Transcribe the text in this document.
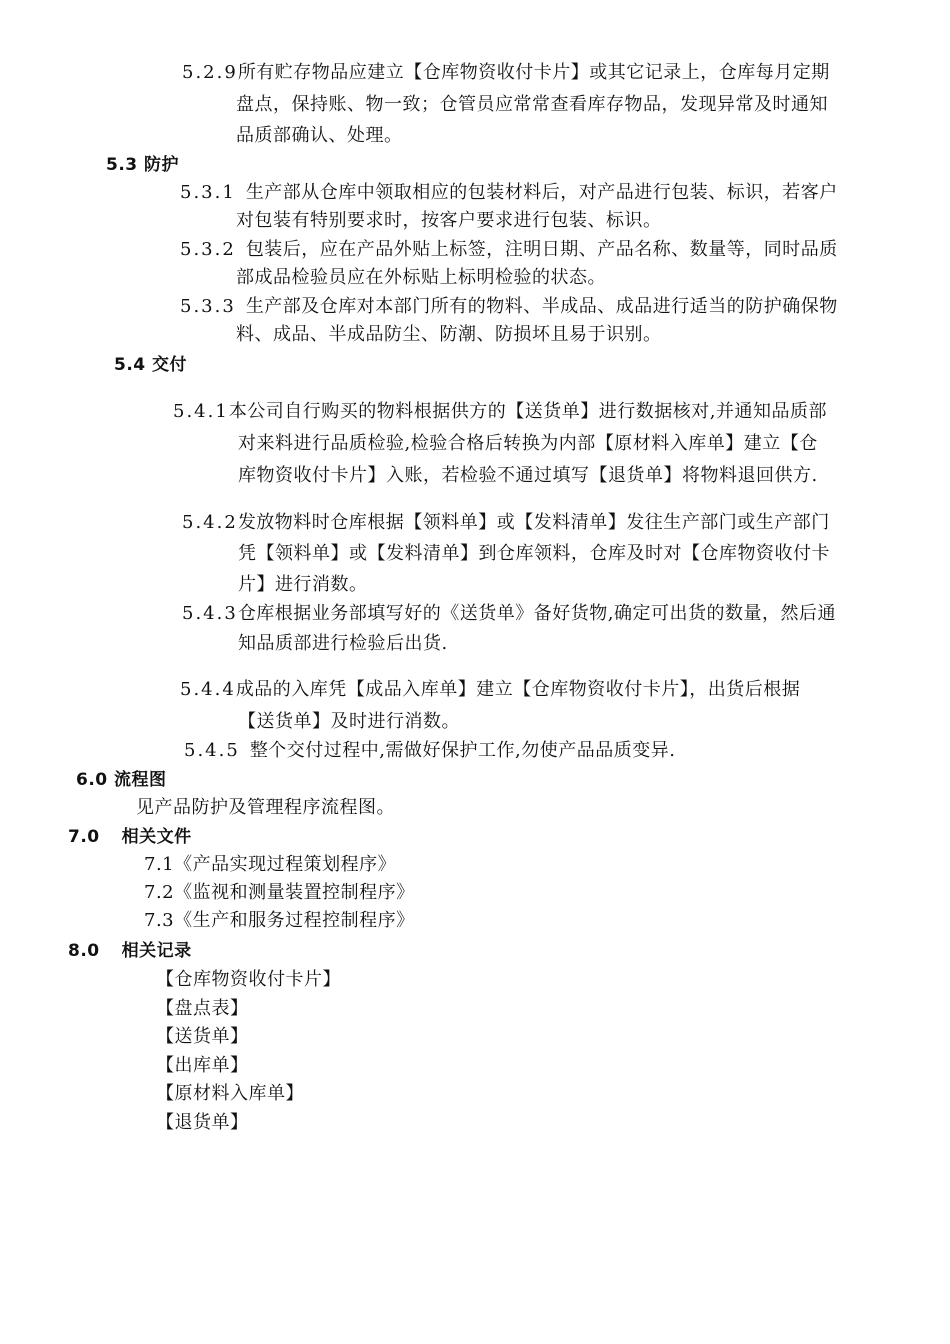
5.2.9所有贮存物品应建立【仓库物资收付卡片】或其它记录上，仓库每月定期
盘点，保持账、物一致；仓管员应常常查看库存物品，发现异常及时通知
品质部确认、处理。
5.3 防护
5.3.1 生产部从仓库中领取相应的包装材料后，对产品进行包装、标识，若客户
对包装有特别要求时，按客户要求进行包装、标识。
5.3.2 包装后，应在产品外贴上标签，注明日期、产品名称、数量等，同时品质
部成品检验员应在外标贴上标明检验的状态。
5.3.3 生产部及仓库对本部门所有的物料、半成品、成品进行适当的防护确保物
料、成品、半成品防尘、防潮、防损坏且易于识别。
5.4 交付
5.4.1本公司自行购买的物料根据供方的【送货单】进行数据核对,并通知品质部
对来料进行品质检验,检验合格后转换为内部【原材料入库单】建立【仓
库物资收付卡片】入账，若检验不通过填写【退货单】将物料退回供方.
5.4.2发放物料时仓库根据【领料单】或【发料清单】发往生产部门或生产部门
凭【领料单】或【发料清单】到仓库领料，仓库及时对【仓库物资收付卡
片】进行消数。
5.4.3仓库根据业务部填写好的《送货单》备好货物,确定可出货的数量，然后通
知品质部进行检验后出货.
5.4.4成品的入库凭【成品入库单】建立【仓库物资收付卡片】，出货后根据
【送货单】及时进行消数。
5.4.5 整个交付过程中,需做好保护工作,勿使产品品质变异.
6.0 流程图
见产品防护及管理程序流程图。
7.0 相关文件
7.1《产品实现过程策划程序》
7.2《监视和测量装置控制程序》
7.3《生产和服务过程控制程序》
8.0 相关记录
【仓库物资收付卡片】
【盘点表】
【送货单】
【出库单】
【原材料入库单】
【退货单】
